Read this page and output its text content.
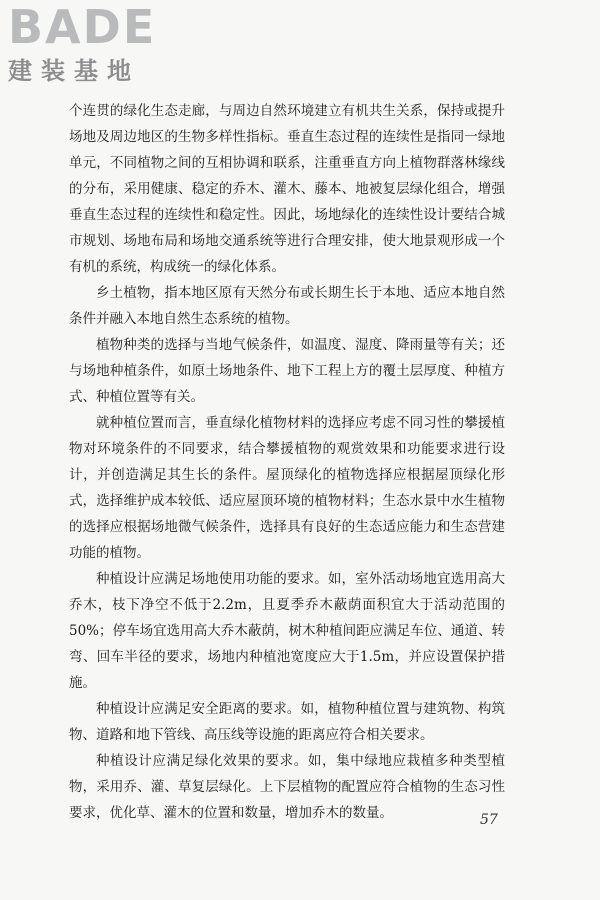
BADE
建装基地

个连贯的绿化生态走廊，与周边自然环境建立有机共生关系，保持或提升场地及周边地区的生物多样性指标。垂直生态过程的连续性是指同一绿地单元，不同植物之间的互相协调和联系，注重垂直方向上植物群落林缘线的分布，采用健康、稳定的乔木、灌木、藤本、地被复层绿化组合，增强垂直生态过程的连续性和稳定性。因此，场地绿化的连续性设计要结合城市规划、场地布局和场地交通系统等进行合理安排，使大地景观形成一个有机的系统，构成统一的绿化体系。

乡土植物，指本地区原有天然分布或长期生长于本地、适应本地自然条件并融入本地自然生态系统的植物。

植物种类的选择与当地气候条件，如温度、湿度、降雨量等有关；还与场地种植条件，如原土场地条件、地下工程上方的覆土层厚度、种植方式、种植位置等有关。

就种植位置而言，垂直绿化植物材料的选择应考虑不同习性的攀援植物对环境条件的不同要求，结合攀援植物的观赏效果和功能要求进行设计，并创造满足其生长的条件。屋顶绿化的植物选择应根据屋顶绿化形式，选择维护成本较低、适应屋顶环境的植物材料；生态水景中水生植物的选择应根据场地微气候条件，选择具有良好的生态适应能力和生态营建功能的植物。

种植设计应满足场地使用功能的要求。如，室外活动场地宜选用高大乔木，枝下净空不低于2.2m，且夏季乔木蔽荫面积宜大于活动范围的50%；停车场宜选用高大乔木蔽荫，树木种植间距应满足车位、通道、转弯、回车半径的要求，场地内种植池宽度应大于1.5m，并应设置保护措施。

种植设计应满足安全距离的要求。如，植物种植位置与建筑物、构筑物、道路和地下管线、高压线等设施的距离应符合相关要求。

种植设计应满足绿化效果的要求。如，集中绿地应栽植多种类型植物，采用乔、灌、草复层绿化。上下层植物的配置应符合植物的生态习性要求，优化草、灌木的位置和数量，增加乔木的数量。	57
